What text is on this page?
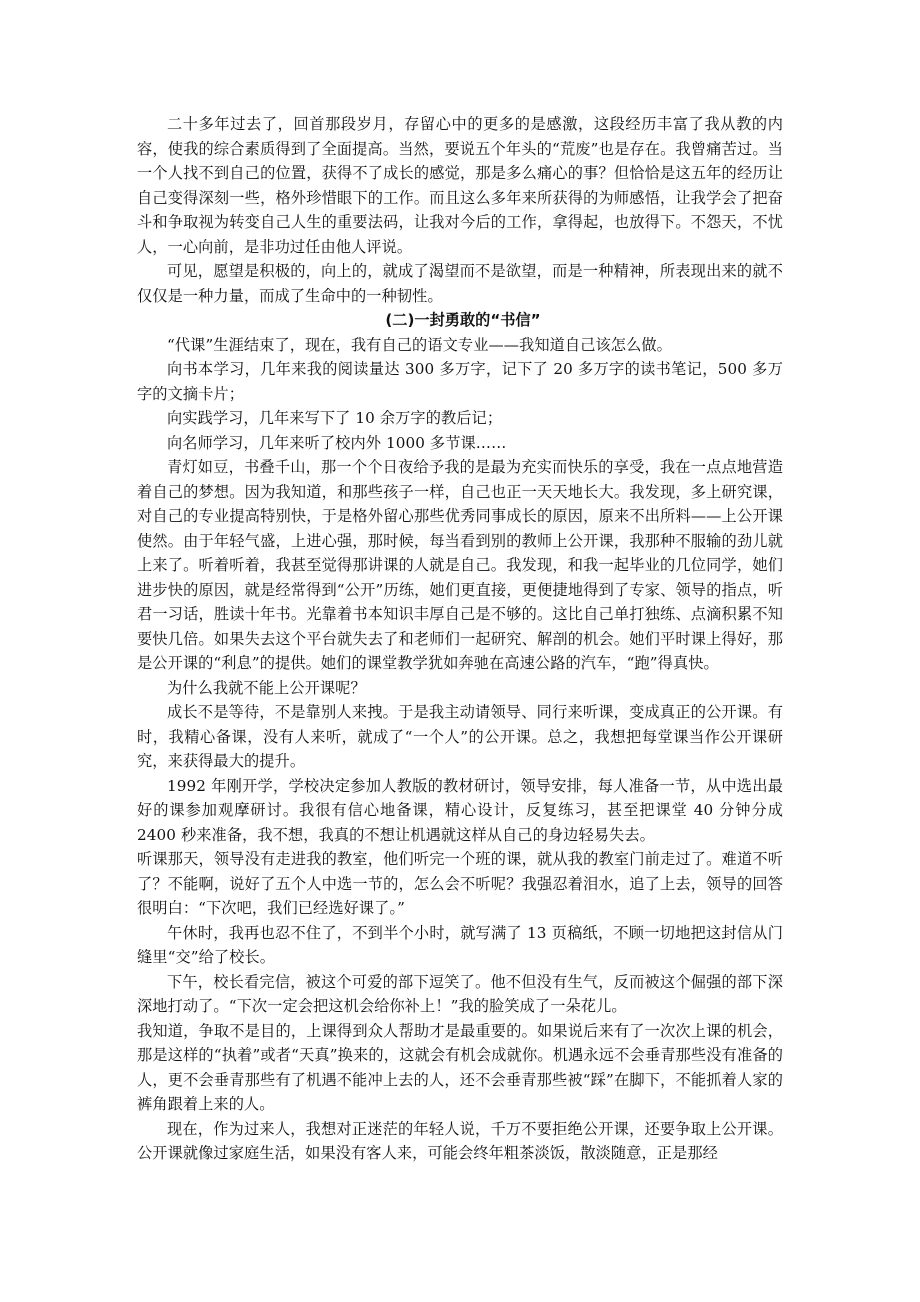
二十多年过去了，回首那段岁月，存留心中的更多的是感激，这段经历丰富了我从教的内容，使我的综合素质得到了全面提高。当然，要说五个年头的“荒废”也是存在。我曾痛苦过。当一个人找不到自己的位置，获得不了成长的感觉，那是多么痛心的事？但恰恰是这五年的经历让自己变得深刻一些，格外珍惜眼下的工作。而且这么多年来所获得的为师感悟，让我学会了把奋斗和争取视为转变自己人生的重要法码，让我对今后的工作，拿得起，也放得下。不怨天，不忧人，一心向前，是非功过任由他人评说。

可见，愿望是积极的，向上的，就成了渴望而不是欲望，而是一种精神，所表现出来的就不仅仅是一种力量，而成了生命中的一种韧性。

(二)一封勇敢的“书信”

“代课”生涯结束了，现在，我有自己的语文专业——我知道自己该怎么做。

向书本学习，几年来我的阅读量达 300 多万字，记下了 20 多万字的读书笔记，500 多万字的文摘卡片；

向实践学习，几年来写下了 10 余万字的教后记；

向名师学习，几年来听了校内外 1000 多节课……

青灯如豆，书叠千山，那一个个日夜给予我的是最为充实而快乐的享受，我在一点点地营造着自己的梦想。因为我知道，和那些孩子一样，自己也正一天天地长大。我发现，多上研究课，对自己的专业提高特别快，于是格外留心那些优秀同事成长的原因，原来不出所料——上公开课使然。由于年轻气盛，上进心强，那时候，每当看到别的教师上公开课，我那种不服输的劲儿就上来了。听着听着，我甚至觉得那讲课的人就是自己。我发现，和我一起毕业的几位同学，她们进步快的原因，就是经常得到“公开”历练，她们更直接，更便捷地得到了专家、领导的指点，听君一习话，胜读十年书。光靠着书本知识丰厚自己是不够的。这比自己单打独练、点滴积累不知要快几倍。如果失去这个平台就失去了和老师们一起研究、解剖的机会。她们平时课上得好，那是公开课的“利息”的提供。她们的课堂教学犹如奔驰在高速公路的汽车，“跑”得真快。

为什么我就不能上公开课呢？

成长不是等待，不是靠别人来拽。于是我主动请领导、同行来听课，变成真正的公开课。有时，我精心备课，没有人来听，就成了“一个人”的公开课。总之，我想把每堂课当作公开课研究，来获得最大的提升。

1992 年刚开学，学校决定参加人教版的教材研讨，领导安排，每人准备一节，从中选出最好的课参加观摩研讨。我很有信心地备课，精心设计，反复练习，甚至把课堂 40 分钟分成 2400 秒来准备，我不想，我真的不想让机遇就这样从自己的身边轻易失去。

听课那天，领导没有走进我的教室，他们听完一个班的课，就从我的教室门前走过了。难道不听了？不能啊，说好了五个人中选一节的，怎么会不听呢？我强忍着泪水，追了上去，领导的回答很明白：“下次吧，我们已经选好课了。”

午休时，我再也忍不住了，不到半个小时，就写满了 13 页稿纸，不顾一切地把这封信从门缝里“交”给了校长。

下午，校长看完信，被这个可爱的部下逗笑了。他不但没有生气，反而被这个倔强的部下深深地打动了。“下次一定会把这机会给你补上！”我的脸笑成了一朵花儿。

我知道，争取不是目的，上课得到众人帮助才是最重要的。如果说后来有了一次次上课的机会，那是这样的“执着”或者“天真”换来的，这就会有机会成就你。机遇永远不会垂青那些没有准备的人，更不会垂青那些有了机遇不能冲上去的人，还不会垂青那些被“踩”在脚下，不能抓着人家的裤角跟着上来的人。

现在，作为过来人，我想对正迷茫的年轻人说，千万不要拒绝公开课，还要争取上公开课。公开课就像过家庭生活，如果没有客人来，可能会终年粗茶淡饭，散淡随意，正是那经
